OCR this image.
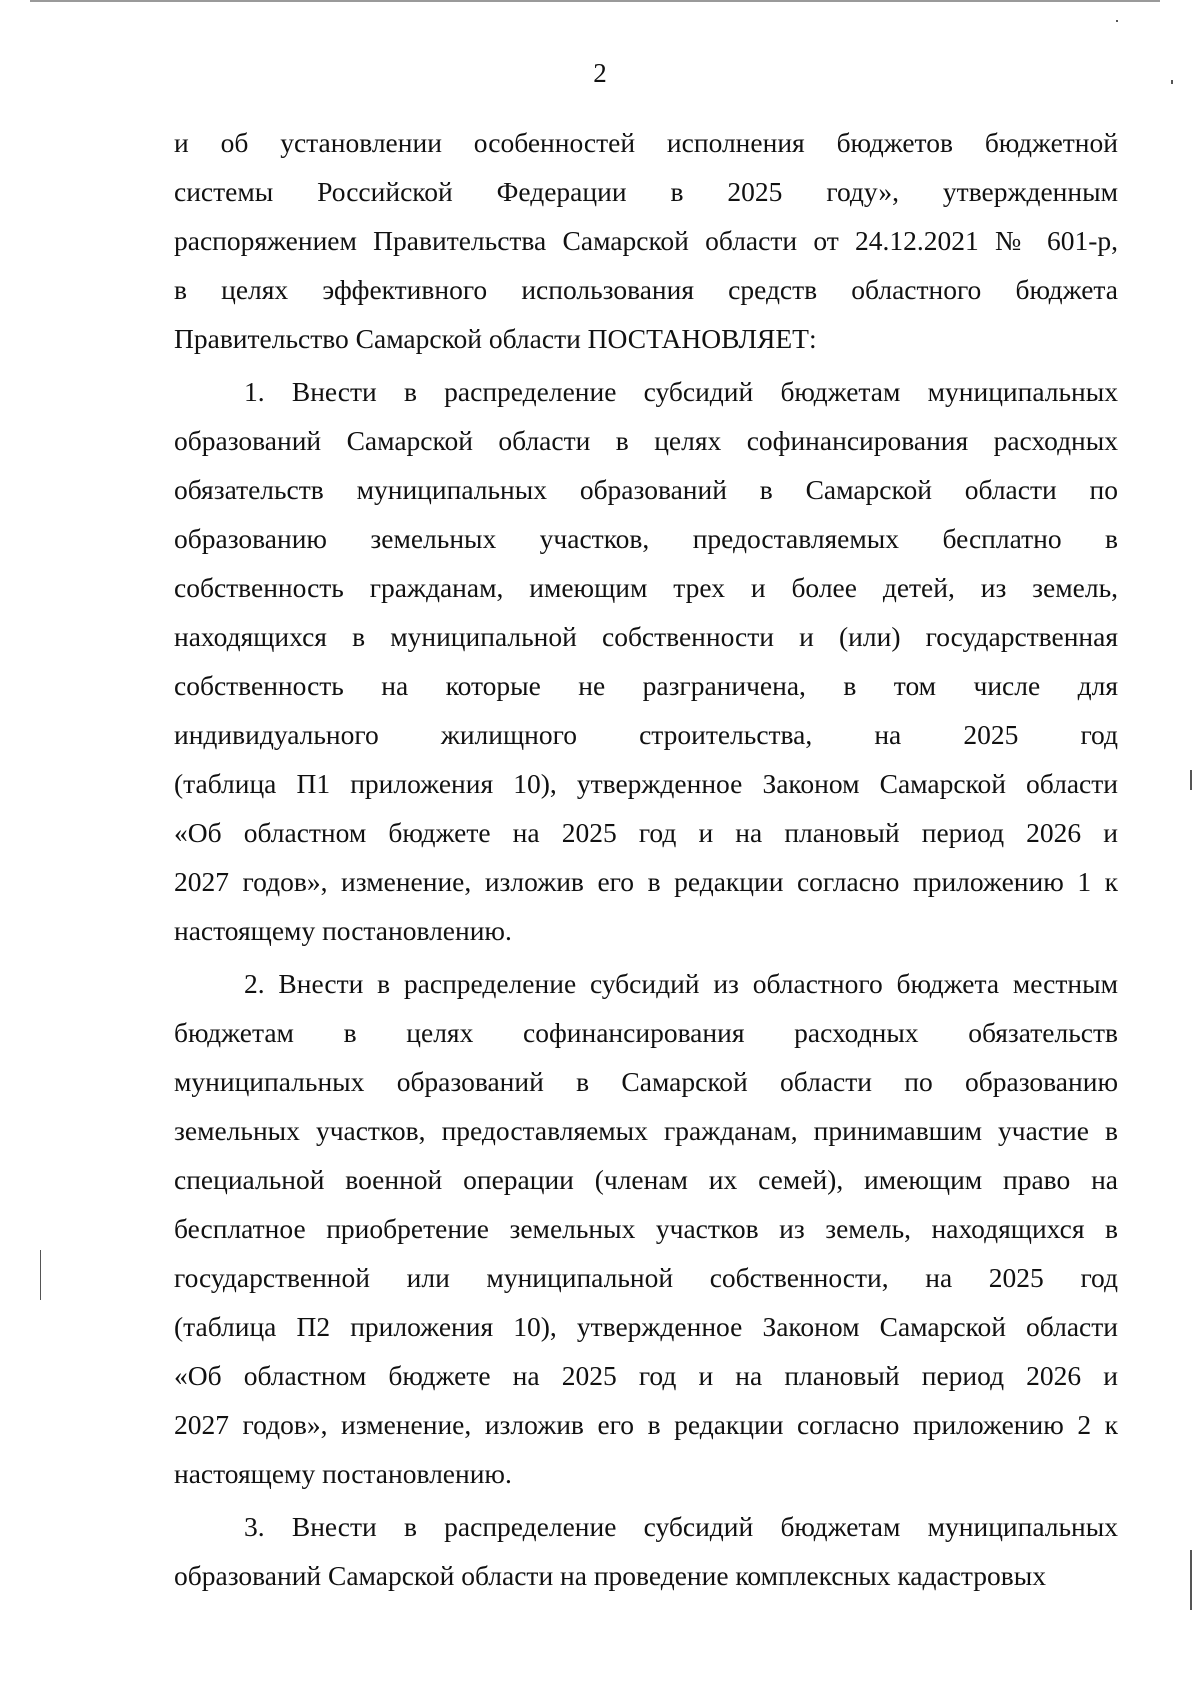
2
и об установлении особенностей исполнения бюджетов бюджетной
системы Российской Федерации в 2025 году», утвержденным
распоряжением Правительства Самарской области от 24.12.2021 № 601-р,
в целях эффективного использования средств областного бюджета
Правительство Самарской области ПОСТАНОВЛЯЕТ:
1. Внести в распределение субсидий бюджетам муниципальных
образований Самарской области в целях софинансирования расходных
обязательств муниципальных образований в Самарской области по
образованию земельных участков, предоставляемых бесплатно в
собственность гражданам, имеющим трех и более детей, из земель,
находящихся в муниципальной собственности и (или) государственная
собственность на которые не разграничена, в том числе для
индивидуального жилищного строительства, на 2025 год
(таблица П1 приложения 10), утвержденное Законом Самарской области
«Об областном бюджете на 2025 год и на плановый период 2026 и
2027 годов», изменение, изложив его в редакции согласно приложению 1 к
настоящему постановлению.
2. Внести в распределение субсидий из областного бюджета местным
бюджетам в целях софинансирования расходных обязательств
муниципальных образований в Самарской области по образованию
земельных участков, предоставляемых гражданам, принимавшим участие в
специальной военной операции (членам их семей), имеющим право на
бесплатное приобретение земельных участков из земель, находящихся в
государственной или муниципальной собственности, на 2025 год
(таблица П2 приложения 10), утвержденное Законом Самарской области
«Об областном бюджете на 2025 год и на плановый период 2026 и
2027 годов», изменение, изложив его в редакции согласно приложению 2 к
настоящему постановлению.
3. Внести в распределение субсидий бюджетам муниципальных
образований Самарской области на проведение комплексных кадастровых
